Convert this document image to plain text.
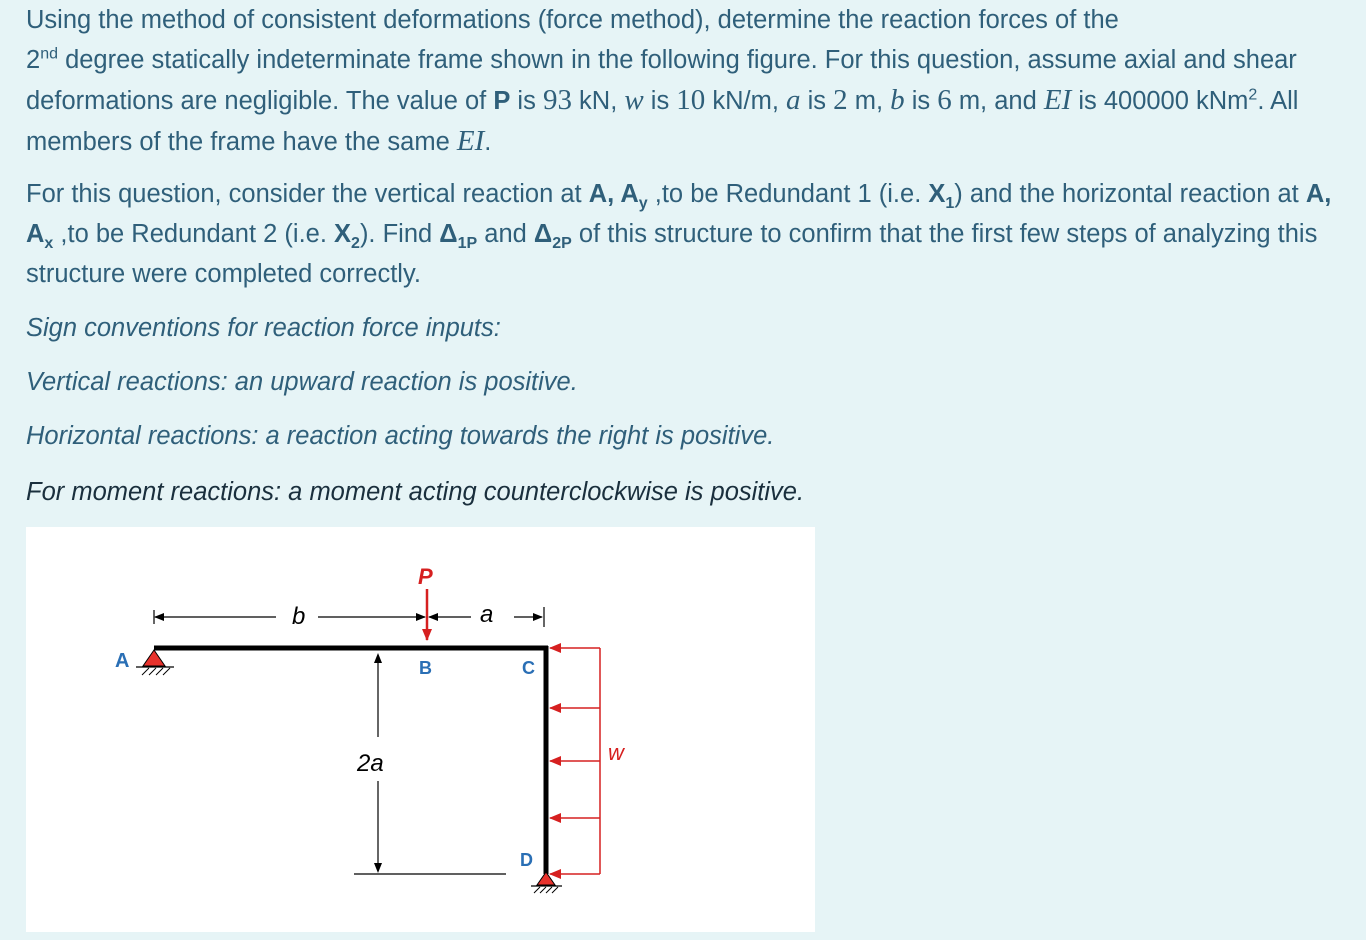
Using the method of consistent deformations (force method), determine the reaction forces of the
2nd degree statically indeterminate frame shown in the following figure. For this question, assume axial and shear deformations are negligible. The value of P is 93 kN, w is 10 kN/m, a is 2 m, b is 6 m, and EI is 400000 kNm$^2$. All members of the frame have the same EI.

For this question, consider the vertical reaction at A, $A_y$ ,to be Redundant 1 (i.e. $X_1$) and the horizontal reaction at A, $A_x$ ,to be Redundant 2 (i.e. $X_2$). Find $\Delta_{1P}$ and $\Delta_{2P}$ of this structure to confirm that the first few steps of analyzing this structure were completed correctly.

Sign conventions for reaction force inputs:

Vertical reactions: an upward reaction is positive.

Horizontal reactions: a reaction acting towards the right is positive.

For moment reactions: a moment acting counterclockwise is positive.

b	a
P
A	B	C
D
2a	w
